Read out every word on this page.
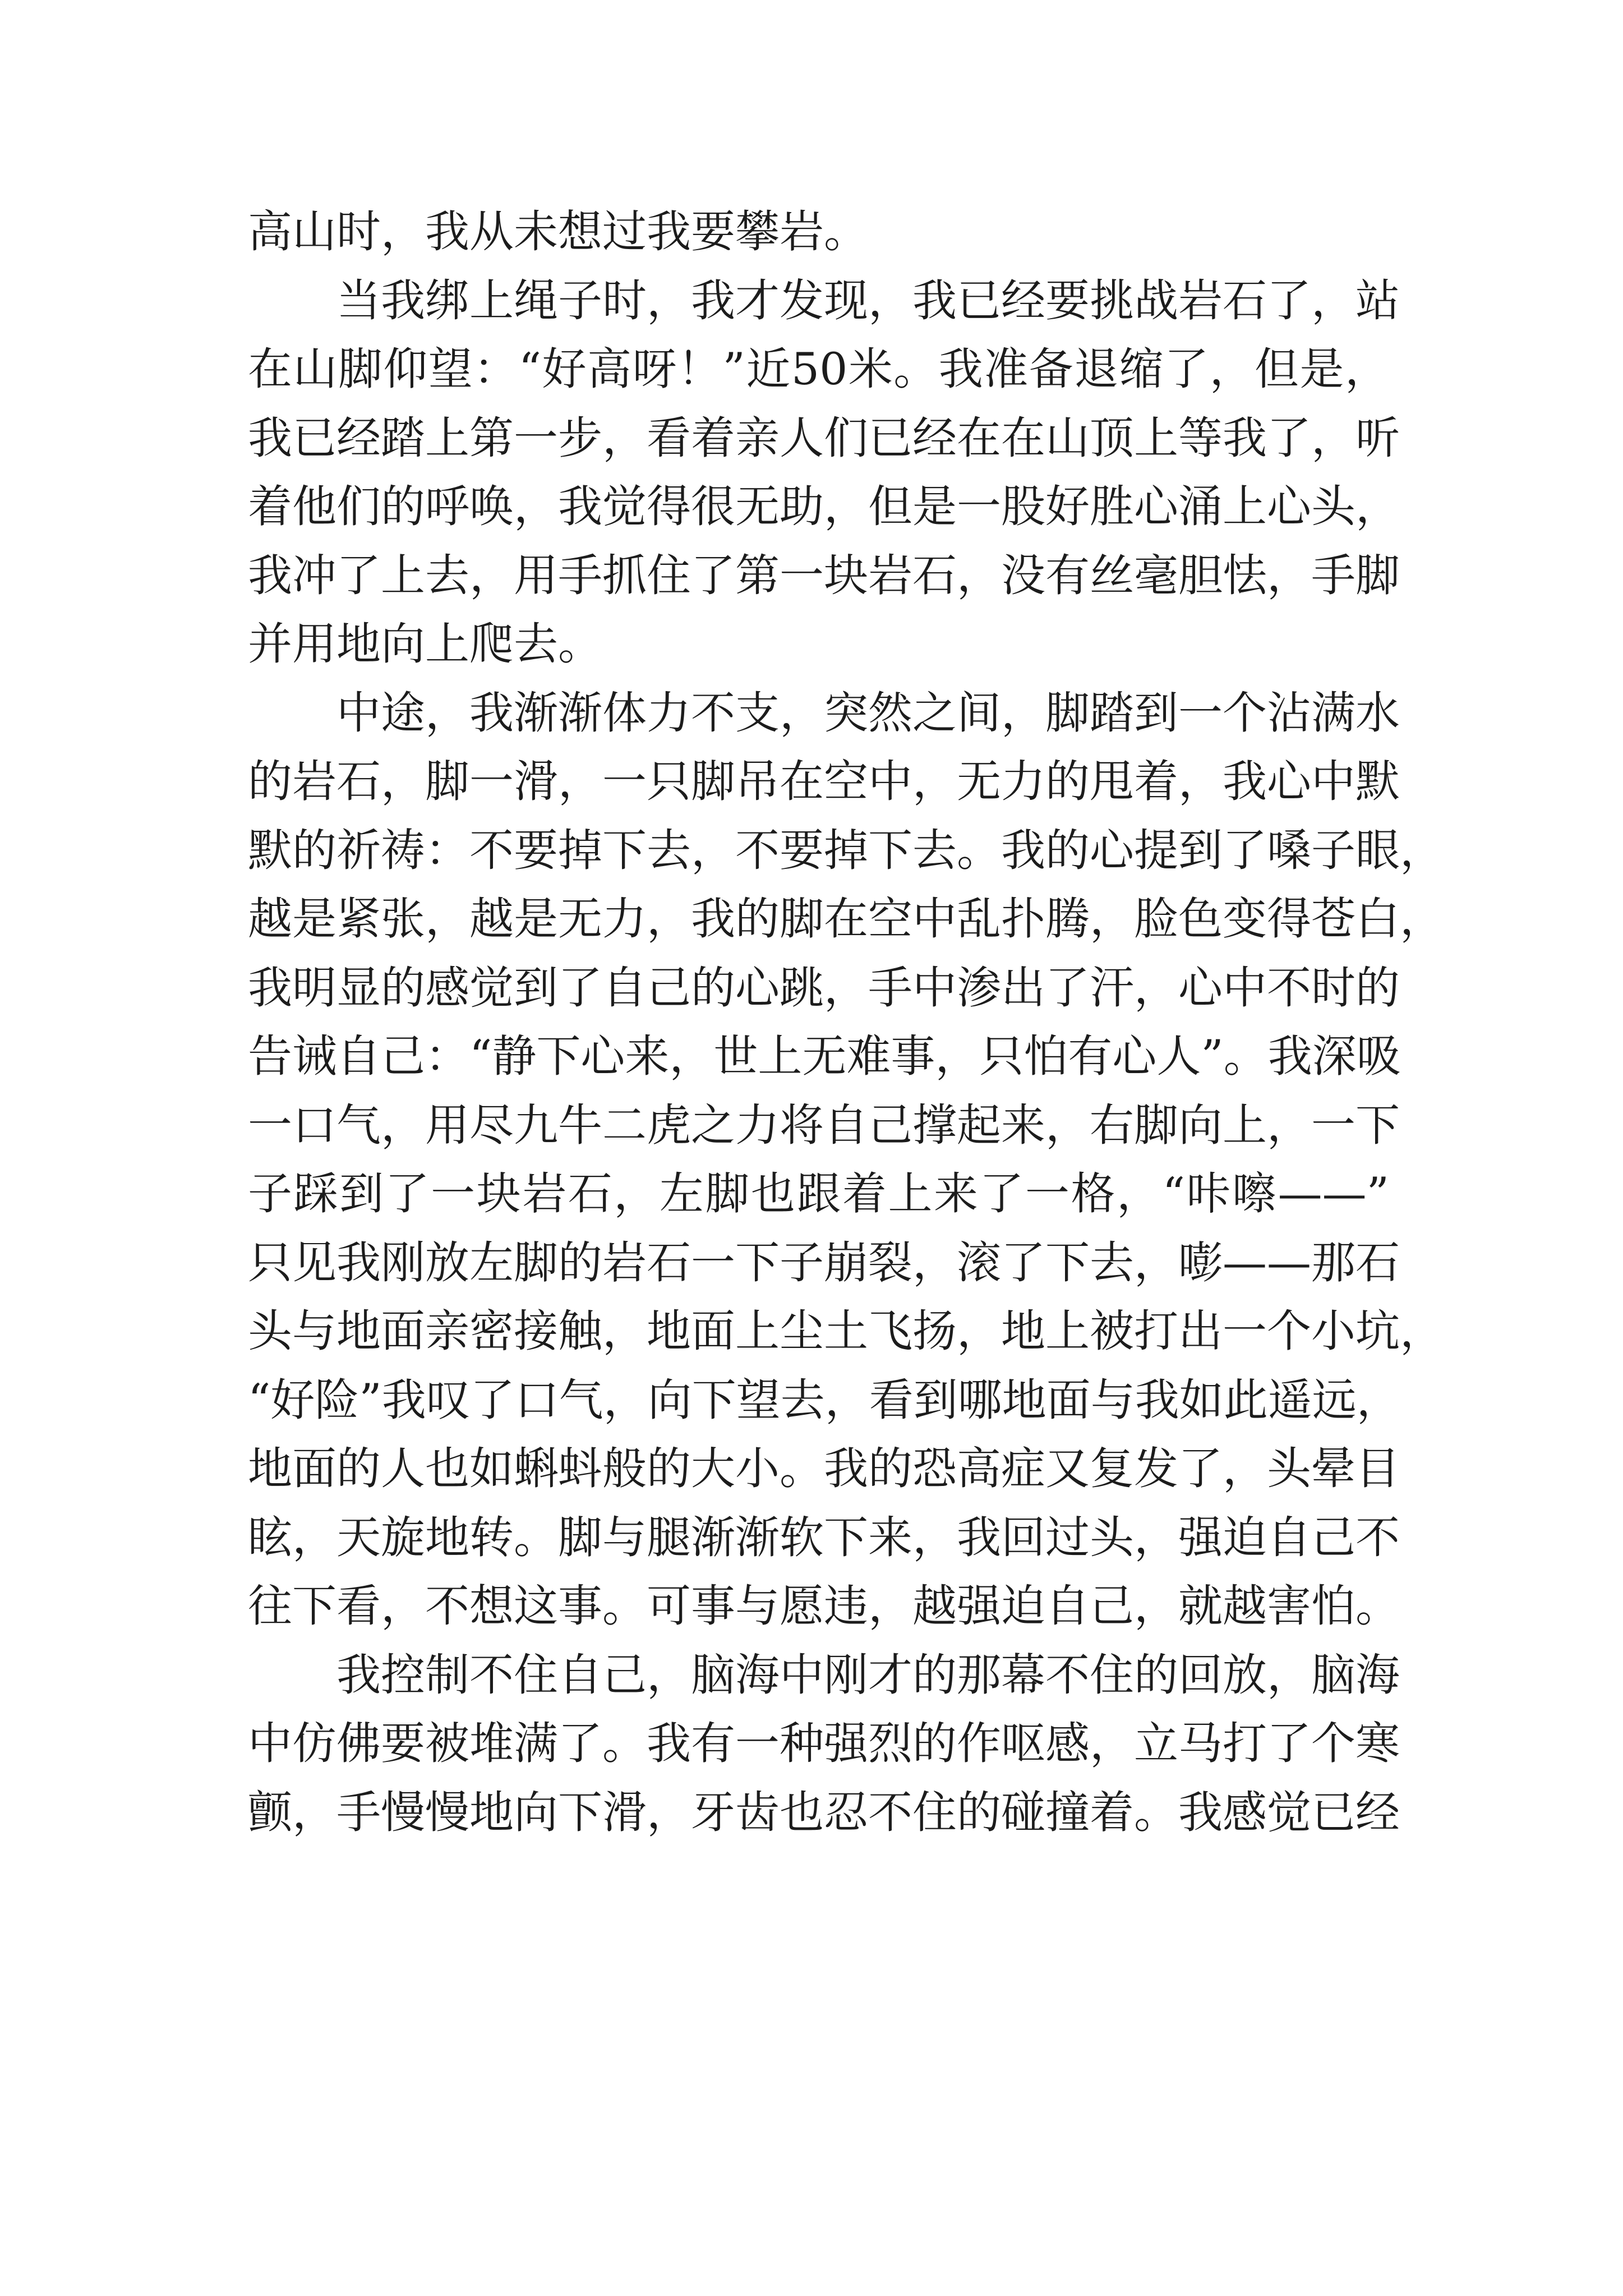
高山时，我从未想过我要攀岩。
当我绑上绳子时，我才发现，我已经要挑战岩石了，站
在山脚仰望：“好高呀！”近50米。我准备退缩了，但是，
我已经踏上第一步，看着亲人们已经在在山顶上等我了，听
着他们的呼唤，我觉得很无助，但是一股好胜心涌上心头，
我冲了上去，用手抓住了第一块岩石，没有丝毫胆怯，手脚
并用地向上爬去。
中途，我渐渐体力不支，突然之间，脚踏到一个沾满水
的岩石，脚一滑，一只脚吊在空中，无力的甩着，我心中默
默的祈祷：不要掉下去，不要掉下去。我的心提到了嗓子眼，
越是紧张，越是无力，我的脚在空中乱扑腾，脸色变得苍白，
我明显的感觉到了自己的心跳，手中渗出了汗，心中不时的
告诫自己：“静下心来，世上无难事，只怕有心人”。我深吸
一口气，用尽九牛二虎之力将自己撑起来，右脚向上，一下
子踩到了一块岩石，左脚也跟着上来了一格，“咔嚓——”
只见我刚放左脚的岩石一下子崩裂，滚了下去，嘭——那石
头与地面亲密接触，地面上尘土飞扬，地上被打出一个小坑，
“好险”我叹了口气，向下望去，看到哪地面与我如此遥远，
地面的人也如蝌蚪般的大小。我的恐高症又复发了，头晕目
眩，天旋地转。脚与腿渐渐软下来，我回过头，强迫自己不
往下看，不想这事。可事与愿违，越强迫自己，就越害怕。
我控制不住自己，脑海中刚才的那幕不住的回放，脑海
中仿佛要被堆满了。我有一种强烈的作呕感，立马打了个寒
颤，手慢慢地向下滑，牙齿也忍不住的碰撞着。我感觉已经
